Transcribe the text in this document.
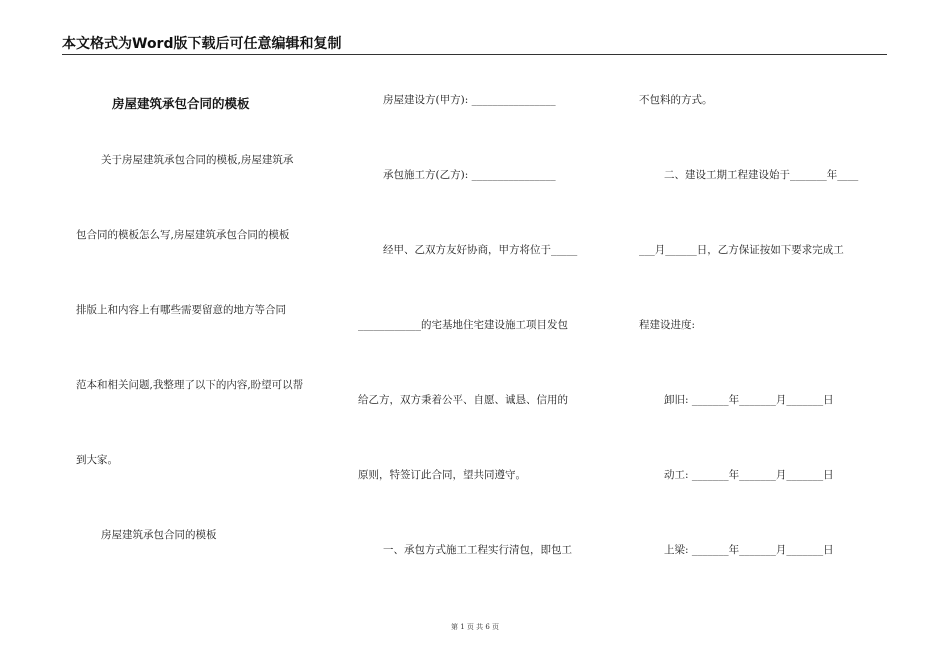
本文格式为Word版下载后可任意编辑和复制
房屋建筑承包合同的模板
关于房屋建筑承包合同的模板,房屋建筑承
包合同的模板怎么写,房屋建筑承包合同的模板
排版上和内容上有哪些需要留意的地方等合同
范本和相关问题,我整理了以下的内容,盼望可以帮
到大家。
房屋建筑承包合同的模板
房屋建设方(甲方): ________________
承包施工方(乙方): ________________
经甲、乙双方友好协商，甲方将位于_____
____________的宅基地住宅建设施工项目发包
给乙方，双方秉着公平、自愿、诚恳、信用的
原则，特签订此合同，望共同遵守。
一、承包方式施工工程实行清包，即包工
不包料的方式。
二、建设工期工程建设始于_______年____
___月______日，乙方保证按如下要求完成工
程建设进度:
卸旧: _______年_______月_______日
动工: _______年_______月_______日
上梁: _______年_______月_______日
第 1 页 共 6 页
